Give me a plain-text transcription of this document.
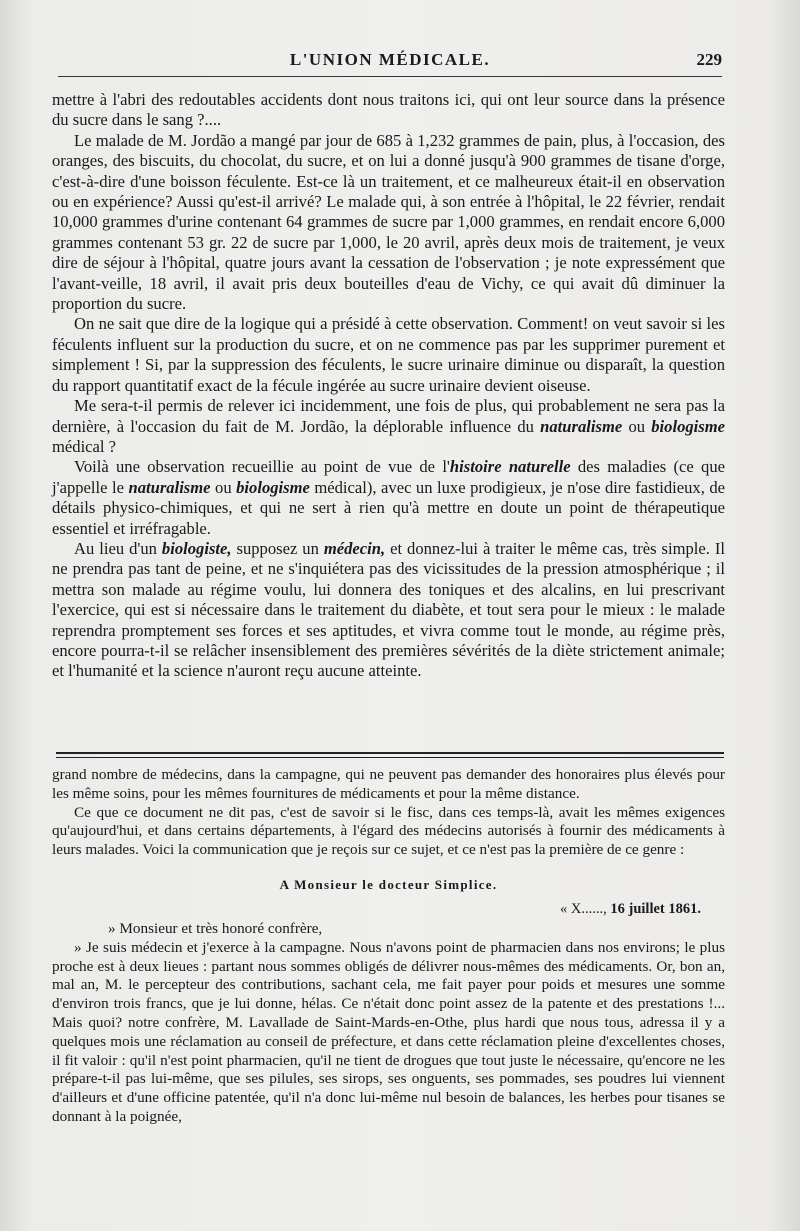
L'UNION MÉDICALE.	229

mettre à l'abri des redoutables accidents dont nous traitons ici, qui ont leur source dans la présence du sucre dans le sang ?....

Le malade de M. Jordão a mangé par jour de 685 à 1,232 grammes de pain, plus, à l'occasion, des oranges, des biscuits, du chocolat, du sucre, et on lui a donné jusqu'à 900 grammes de tisane d'orge, c'est-à-dire d'une boisson féculente. Est-ce là un traitement, et ce malheureux était-il en observation ou en expérience? Aussi qu'est-il arrivé? Le malade qui, à son entrée à l'hôpital, le 22 février, rendait 10,000 grammes d'urine contenant 64 grammes de sucre par 1,000 grammes, en rendait encore 6,000 grammes contenant 53 gr. 22 de sucre par 1,000, le 20 avril, après deux mois de traitement, je veux dire de séjour à l'hôpital, quatre jours avant la cessation de l'observation ; je note expressément que l'avant-veille, 18 avril, il avait pris deux bouteilles d'eau de Vichy, ce qui avait dû diminuer la proportion du sucre.

On ne sait que dire de la logique qui a présidé à cette observation. Comment! on veut savoir si les féculents influent sur la production du sucre, et on ne commence pas par les supprimer purement et simplement ! Si, par la suppression des féculents, le sucre urinaire diminue ou disparaît, la question du rapport quantitatif exact de la fécule ingérée au sucre urinaire devient oiseuse.

Me sera-t-il permis de relever ici incidemment, une fois de plus, qui probablement ne sera pas la dernière, à l'occasion du fait de M. Jordão, la déplorable influence du naturalisme ou biologisme médical ?

Voilà une observation recueillie au point de vue de l'histoire naturelle des maladies (ce que j'appelle le naturalisme ou biologisme médical), avec un luxe prodigieux, je n'ose dire fastidieux, de détails physico-chimiques, et qui ne sert à rien qu'à mettre en doute un point de thérapeutique essentiel et irréfragable.

Au lieu d'un biologiste, supposez un médecin, et donnez-lui à traiter le même cas, très simple. Il ne prendra pas tant de peine, et ne s'inquiétera pas des vicissitudes de la pression atmosphérique ; il mettra son malade au régime voulu, lui donnera des toniques et des alcalins, en lui prescrivant l'exercice, qui est si nécessaire dans le traitement du diabète, et tout sera pour le mieux : le malade reprendra promptement ses forces et ses aptitudes, et vivra comme tout le monde, au régime près, encore pourra-t-il se relâcher insensiblement des premières sévérités de la diète strictement animale; et l'humanité et la science n'auront reçu aucune atteinte.

grand nombre de médecins, dans la campagne, qui ne peuvent pas demander des honoraires plus élevés pour les même soins, pour les mêmes fournitures de médicaments et pour la même distance.

Ce que ce document ne dit pas, c'est de savoir si le fisc, dans ces temps-là, avait les mêmes exigences qu'aujourd'hui, et dans certains départements, à l'égard des médecins autorisés à fournir des médicaments à leurs malades. Voici la communication que je reçois sur ce sujet, et ce n'est pas la première de ce genre :

A Monsieur le docteur Simplice.
« X......, 16 juillet 1861.
» Monsieur et très honoré confrère,

» Je suis médecin et j'exerce à la campagne. Nous n'avons point de pharmacien dans nos environs; le plus proche est à deux lieues : partant nous sommes obligés de délivrer nous-mêmes des médicaments. Or, bon an, mal an, M. le percepteur des contributions, sachant cela, me fait payer pour poids et mesures une somme d'environ trois francs, que je lui donne, hélas. Ce n'était donc point assez de la patente et des prestations !... Mais quoi? notre confrère, M. Lavallade de Saint-Mards-en-Othe, plus hardi que nous tous, adressa il y a quelques mois une réclamation au conseil de préfecture, et dans cette réclamation pleine d'excellentes choses, il fit valoir : qu'il n'est point pharmacien, qu'il ne tient de drogues que tout juste le nécessaire, qu'encore ne les prépare-t-il pas lui-même, que ses pilules, ses sirops, ses onguents, ses pommades, ses poudres lui viennent d'ailleurs et d'une officine patentée, qu'il n'a donc lui-même nul besoin de balances, les herbes pour tisanes se donnant à la poignée,
